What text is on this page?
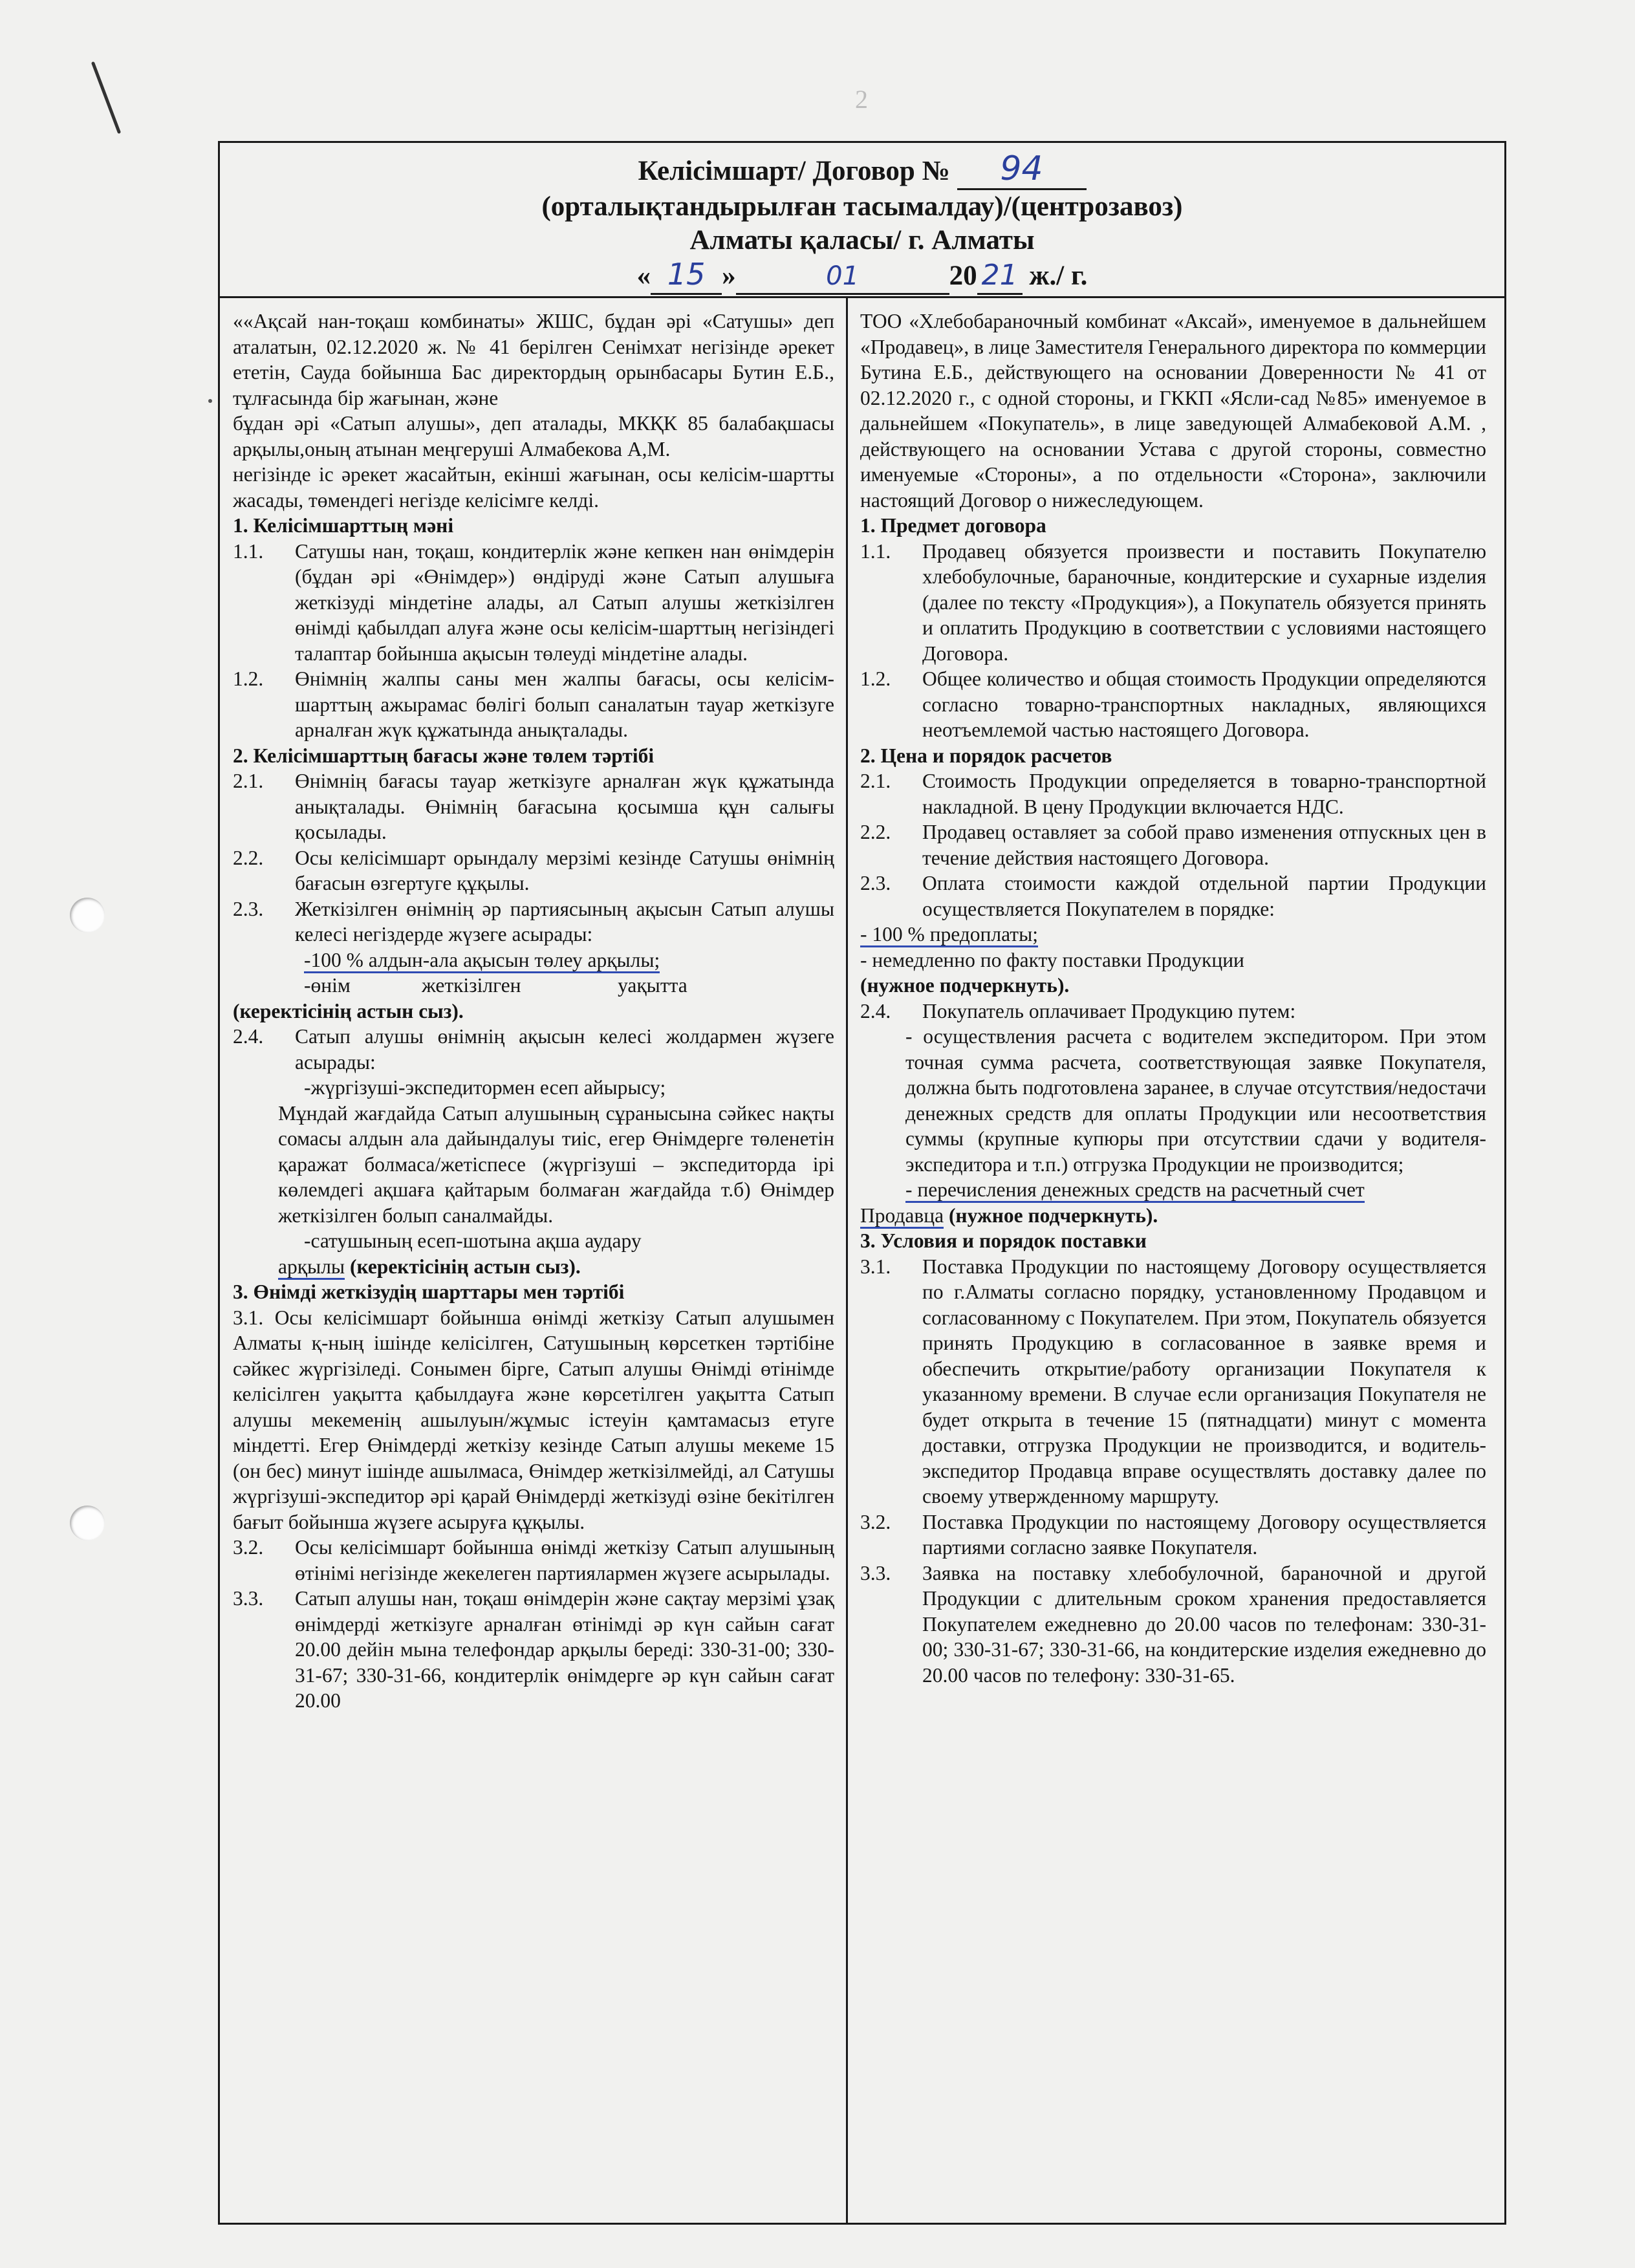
2
Келісімшарт/ Договор № 94
(орталықтандырылған тасымалдау)/(центрозавоз)
Алматы қаласы/ г. Алматы
« 15 »	01	20 21 ж./ г.

««Ақсай нан-тоқаш комбинаты» ЖШС, бұдан әрі «Сатушы» деп аталатын, 02.12.2020 ж. № 41 берілген Сенімхат негізінде әрекет ететін, Сауда бойынша Бас директордың орынбасары Бутин Е.Б., тұлғасында бір жағынан, және

бұдан әрі «Сатып алушы», деп аталады, МКҚК 85 балабақшасы арқылы,оның атынан меңгеруші Алмабекова А,М.

негізінде іс әрекет жасайтын, екінші жағынан, осы келісім-шартты жасады, төмендегі негізде келісімге келді.

1. Келісімшарттың мәні

1.1.	Сатушы нан, тоқаш, кондитерлік және кепкен нан өнімдерін (бұдан әрі «Өнімдер») өндіруді және Сатып алушыға жеткізуді міндетіне алады, ал Сатып алушы жеткізілген өнімді қабылдап алуға және осы келісім-шарттың негізіндегі талаптар бойынша ақысын төлеуді міндетіне алады.
1.2.	Өнімнің жалпы саны мен жалпы бағасы, осы келісім-шарттың ажырамас бөлігі болып саналатын тауар жеткізуге арналған жүк құжатында анықталады.

2. Келісімшарттың бағасы және төлем тәртібі

2.1.	Өнімнің бағасы тауар жеткізуге арналған жүк құжатында анықталады. Өнімнің бағасына қосымша құн салығы қосылады.
2.2.	Осы келісімшарт орындалу мерзімі кезінде Сатушы өнімнің бағасын өзгертуге құқылы.
2.3.	Жеткізілген өнімнің әр партиясының ақысын Сатып алушы келесі негіздерде жүзеге асырады:

-100 % алдын-ала ақысын төлеу арқылы;

-өнім              жеткізілген                   уақытта

(керектісінің астын сыз).

2.4.	Сатып алушы өнімнің ақысын келесі жолдармен жүзеге асырады:

-жүргізуші-экспедитормен есеп айырысу;

Мұндай жағдайда Сатып алушының сұранысына сәйкес нақты сомасы алдын ала дайындалуы тиіс, егер Өнімдерге төленетін қаражат болмаса/жетіспесе (жүргізуші – экспедиторда ірі көлемдегі ақшаға қайтарым болмаған жағдайда т.б) Өнімдер жеткізілген болып саналмайды.

-сатушының есеп-шотына ақша аудару

арқылы (керектісінің астын сыз).

3. Өнімді жеткізудің шарттары мен тәртібі

3.1. Осы келісімшарт бойынша өнімді жеткізу Сатып алушымен Алматы қ-ның ішінде келісілген, Сатушының көрсеткен тәртібіне сәйкес жүргізіледі. Сонымен бірге, Сатып алушы Өнімді өтінімде келісілген уақытта қабылдауға және көрсетілген уақытта Сатып алушы мекеменің ашылуын/жұмыс істеуін қамтамасыз етуге міндетті. Егер Өнімдерді жеткізу кезінде Сатып алушы мекеме 15 (он бес) минут ішінде ашылмаса, Өнімдер жеткізілмейді, ал Сатушы жүргізуші-экспедитор әрі қарай Өнімдерді жеткізуді өзіне бекітілген бағыт бойынша жүзеге асыруға құқылы.

3.2.	Осы келісімшарт бойынша өнімді жеткізу Сатып алушының өтінімі негізінде жекелеген партиялармен жүзеге асырылады.
3.3.	Сатып алушы нан, тоқаш өнімдерін және сақтау мерзімі ұзақ өнімдерді жеткізуге арналған өтінімді әр күн сайын сағат 20.00 дейін мына телефондар арқылы береді: 330-31-00; 330-31-67; 330-31-66, кондитерлік өнімдерге әр күн сайын сағат 20.00

ТОО «Хлебобараночный комбинат «Аксай», именуемое в дальнейшем «Продавец», в лице Заместителя Генерального директора по коммерции Бутина Е.Б., действующего на основании Доверенности № 41 от 02.12.2020 г., с одной стороны, и ГККП «Ясли-сад №85» именуемое в дальнейшем «Покупатель», в лице заведующей Алмабековой А.М. , действующего на основании Устава с другой стороны, совместно именуемые «Стороны», а по отдельности «Сторона», заключили настоящий Договор о нижеследующем.

1. Предмет договора

1.1.	Продавец обязуется произвести и поставить Покупателю хлебобулочные, бараночные, кондитерские и сухарные изделия (далее по тексту «Продукция»), а Покупатель обязуется принять и оплатить Продукцию в соответствии с условиями настоящего Договора.
1.2.	Общее количество и общая стоимость Продукции определяются согласно товарно-транспортных накладных, являющихся неотъемлемой частью настоящего Договора.

2. Цена и порядок расчетов

2.1.	Стоимость Продукции определяется в товарно-транспортной накладной. В цену Продукции включается НДС.
2.2.	Продавец оставляет за собой право изменения отпускных цен в течение действия настоящего Договора.
2.3.	Оплата стоимости каждой отдельной партии Продукции осуществляется Покупателем в порядке:

- 100 % предоплаты;

- немедленно по факту поставки Продукции

(нужное подчеркнуть).

2.4.	Покупатель оплачивает Продукцию путем:

- осуществления расчета с водителем экспедитором. При этом точная сумма расчета, соответствующая заявке Покупателя, должна быть подготовлена заранее, в случае отсутствия/недостачи денежных средств для оплаты Продукции или несоответствия суммы (крупные купюры при отсутствии сдачи у водителя-экспедитора и т.п.) отгрузка Продукции не производится;

- перечисления денежных средств на расчетный счет

Продавца (нужное подчеркнуть).

3. Условия и порядок поставки

3.1.	Поставка Продукции по настоящему Договору осуществляется по г.Алматы согласно порядку, установленному Продавцом и согласованному с Покупателем. При этом, Покупатель обязуется принять Продукцию в согласованное в заявке время и обеспечить открытие/работу организации Покупателя к указанному времени. В случае если организация Покупателя не будет открыта в течение 15 (пятнадцати) минут с момента доставки, отгрузка Продукции не производится, и водитель-экспедитор Продавца вправе осуществлять доставку далее по своему утвержденному маршруту.
3.2.	Поставка Продукции по настоящему Договору осуществляется партиями согласно заявке Покупателя.
3.3.	Заявка на поставку хлебобулочной, бараночной и другой Продукции с длительным сроком хранения предоставляется Покупателем ежедневно до 20.00 часов по телефонам: 330-31-00; 330-31-67; 330-31-66, на кондитерские изделия ежедневно до 20.00 часов по телефону: 330-31-65.
